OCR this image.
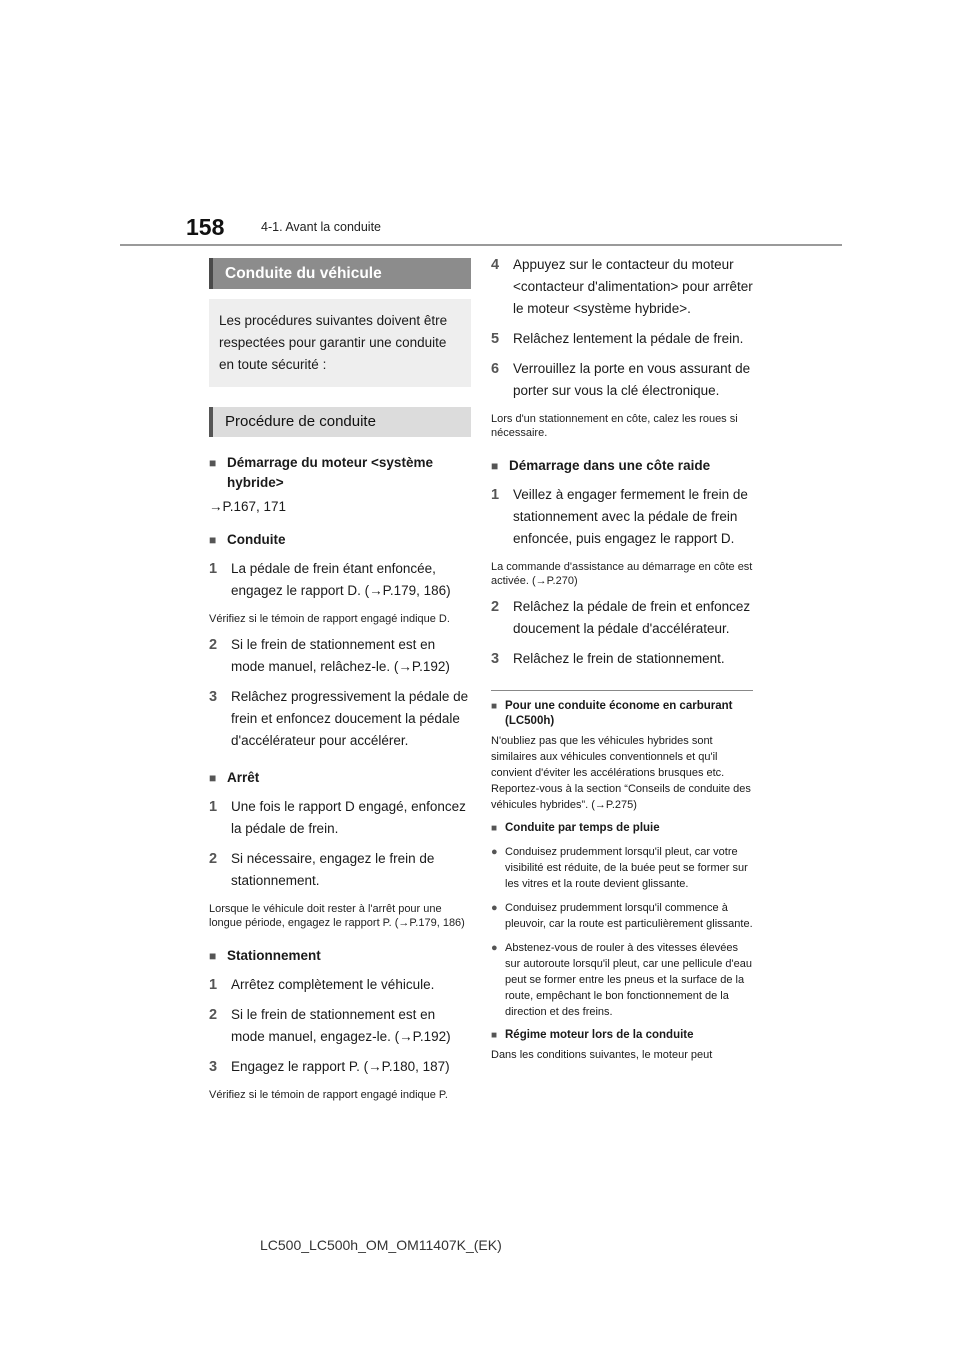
158	4-1. Avant la conduite
Conduite du véhicule
Les procédures suivantes doivent être respectées pour garantir une conduite en toute sécurité :
Procédure de conduite
■ Démarrage du moteur <système hybride>
→P.167, 171
■ Conduite
1 La pédale de frein étant enfoncée, engagez le rapport D. (→P.179, 186)
Vérifiez si le témoin de rapport engagé indique D.
2 Si le frein de stationnement est en mode manuel, relâchez-le. (→P.192)
3 Relâchez progressivement la pédale de frein et enfoncez doucement la pédale d'accélérateur pour accélérer.
■ Arrêt
1 Une fois le rapport D engagé, enfoncez la pédale de frein.
2 Si nécessaire, engagez le frein de stationnement.
Lorsque le véhicule doit rester à l'arrêt pour une longue période, engagez le rapport P. (→P.179, 186)
■ Stationnement
1 Arrêtez complètement le véhicule.
2 Si le frein de stationnement est en mode manuel, engagez-le. (→P.192)
3 Engagez le rapport P. (→P.180, 187)
Vérifiez si le témoin de rapport engagé indique P.
4 Appuyez sur le contacteur du moteur <contacteur d'alimentation> pour arrêter le moteur <système hybride>.
5 Relâchez lentement la pédale de frein.
6 Verrouillez la porte en vous assurant de porter sur vous la clé électronique.
Lors d'un stationnement en côte, calez les roues si nécessaire.
■ Démarrage dans une côte raide
1 Veillez à engager fermement le frein de stationnement avec la pédale de frein enfoncée, puis engagez le rapport D.
La commande d'assistance au démarrage en côte est activée. (→P.270)
2 Relâchez la pédale de frein et enfoncez doucement la pédale d'accélérateur.
3 Relâchez le frein de stationnement.
■ Pour une conduite économe en carburant (LC500h)
N'oubliez pas que les véhicules hybrides sont similaires aux véhicules conventionnels et qu'il convient d'éviter les accélérations brusques etc. Reportez-vous à la section “Conseils de conduite des véhicules hybrides”. (→P.275)
■ Conduite par temps de pluie
● Conduisez prudemment lorsqu'il pleut, car votre visibilité est réduite, de la buée peut se former sur les vitres et la route devient glissante.
● Conduisez prudemment lorsqu'il commence à pleuvoir, car la route est particulièrement glissante.
● Abstenez-vous de rouler à des vitesses élevées sur autoroute lorsqu'il pleut, car une pellicule d'eau peut se former entre les pneus et la surface de la route, empêchant le bon fonctionnement de la direction et des freins.
■ Régime moteur lors de la conduite
Dans les conditions suivantes, le moteur peut
LC500_LC500h_OM_OM11407K_(EK)
